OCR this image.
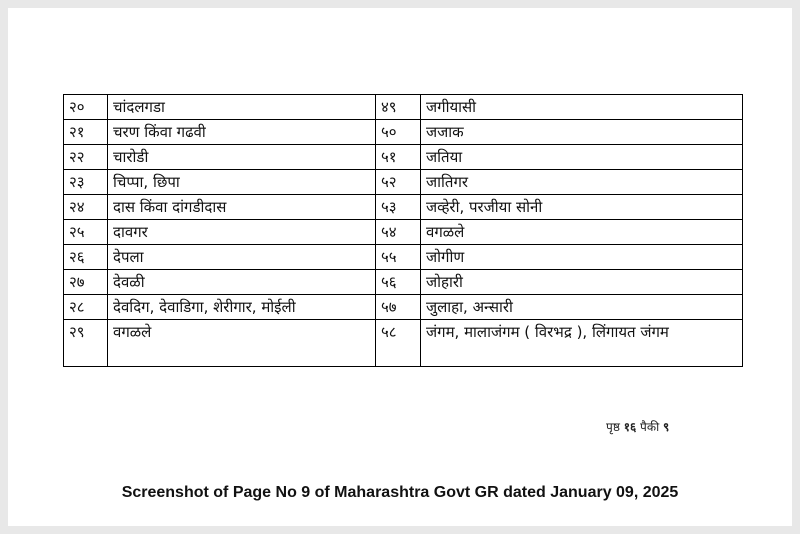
२०	चांदलगडा	४९	जगीयासी
२१	चरण किंवा गढवी	५०	जजाक
२२	चारोडी	५१	जतिया
२३	चिप्पा, छिपा	५२	जातिगर
२४	दास किंवा दांगडीदास	५३	जव्हेरी, परजीया सोनी
२५	दावगर	५४	वगळले
२६	देपला	५५	जोगीण
२७	देवळी	५६	जोहारी
२८	देवदिग, देवाडिगा, शेरीगार, मोईली	५७	जुलाहा, अन्सारी
२९	वगळले	५८	जंगम, मालाजंगम ( विरभद्र ), लिंगायत जंगम
पृष्ठ १६ पैकी ९
Screenshot of Page No 9 of Maharashtra Govt GR dated January 09, 2025
